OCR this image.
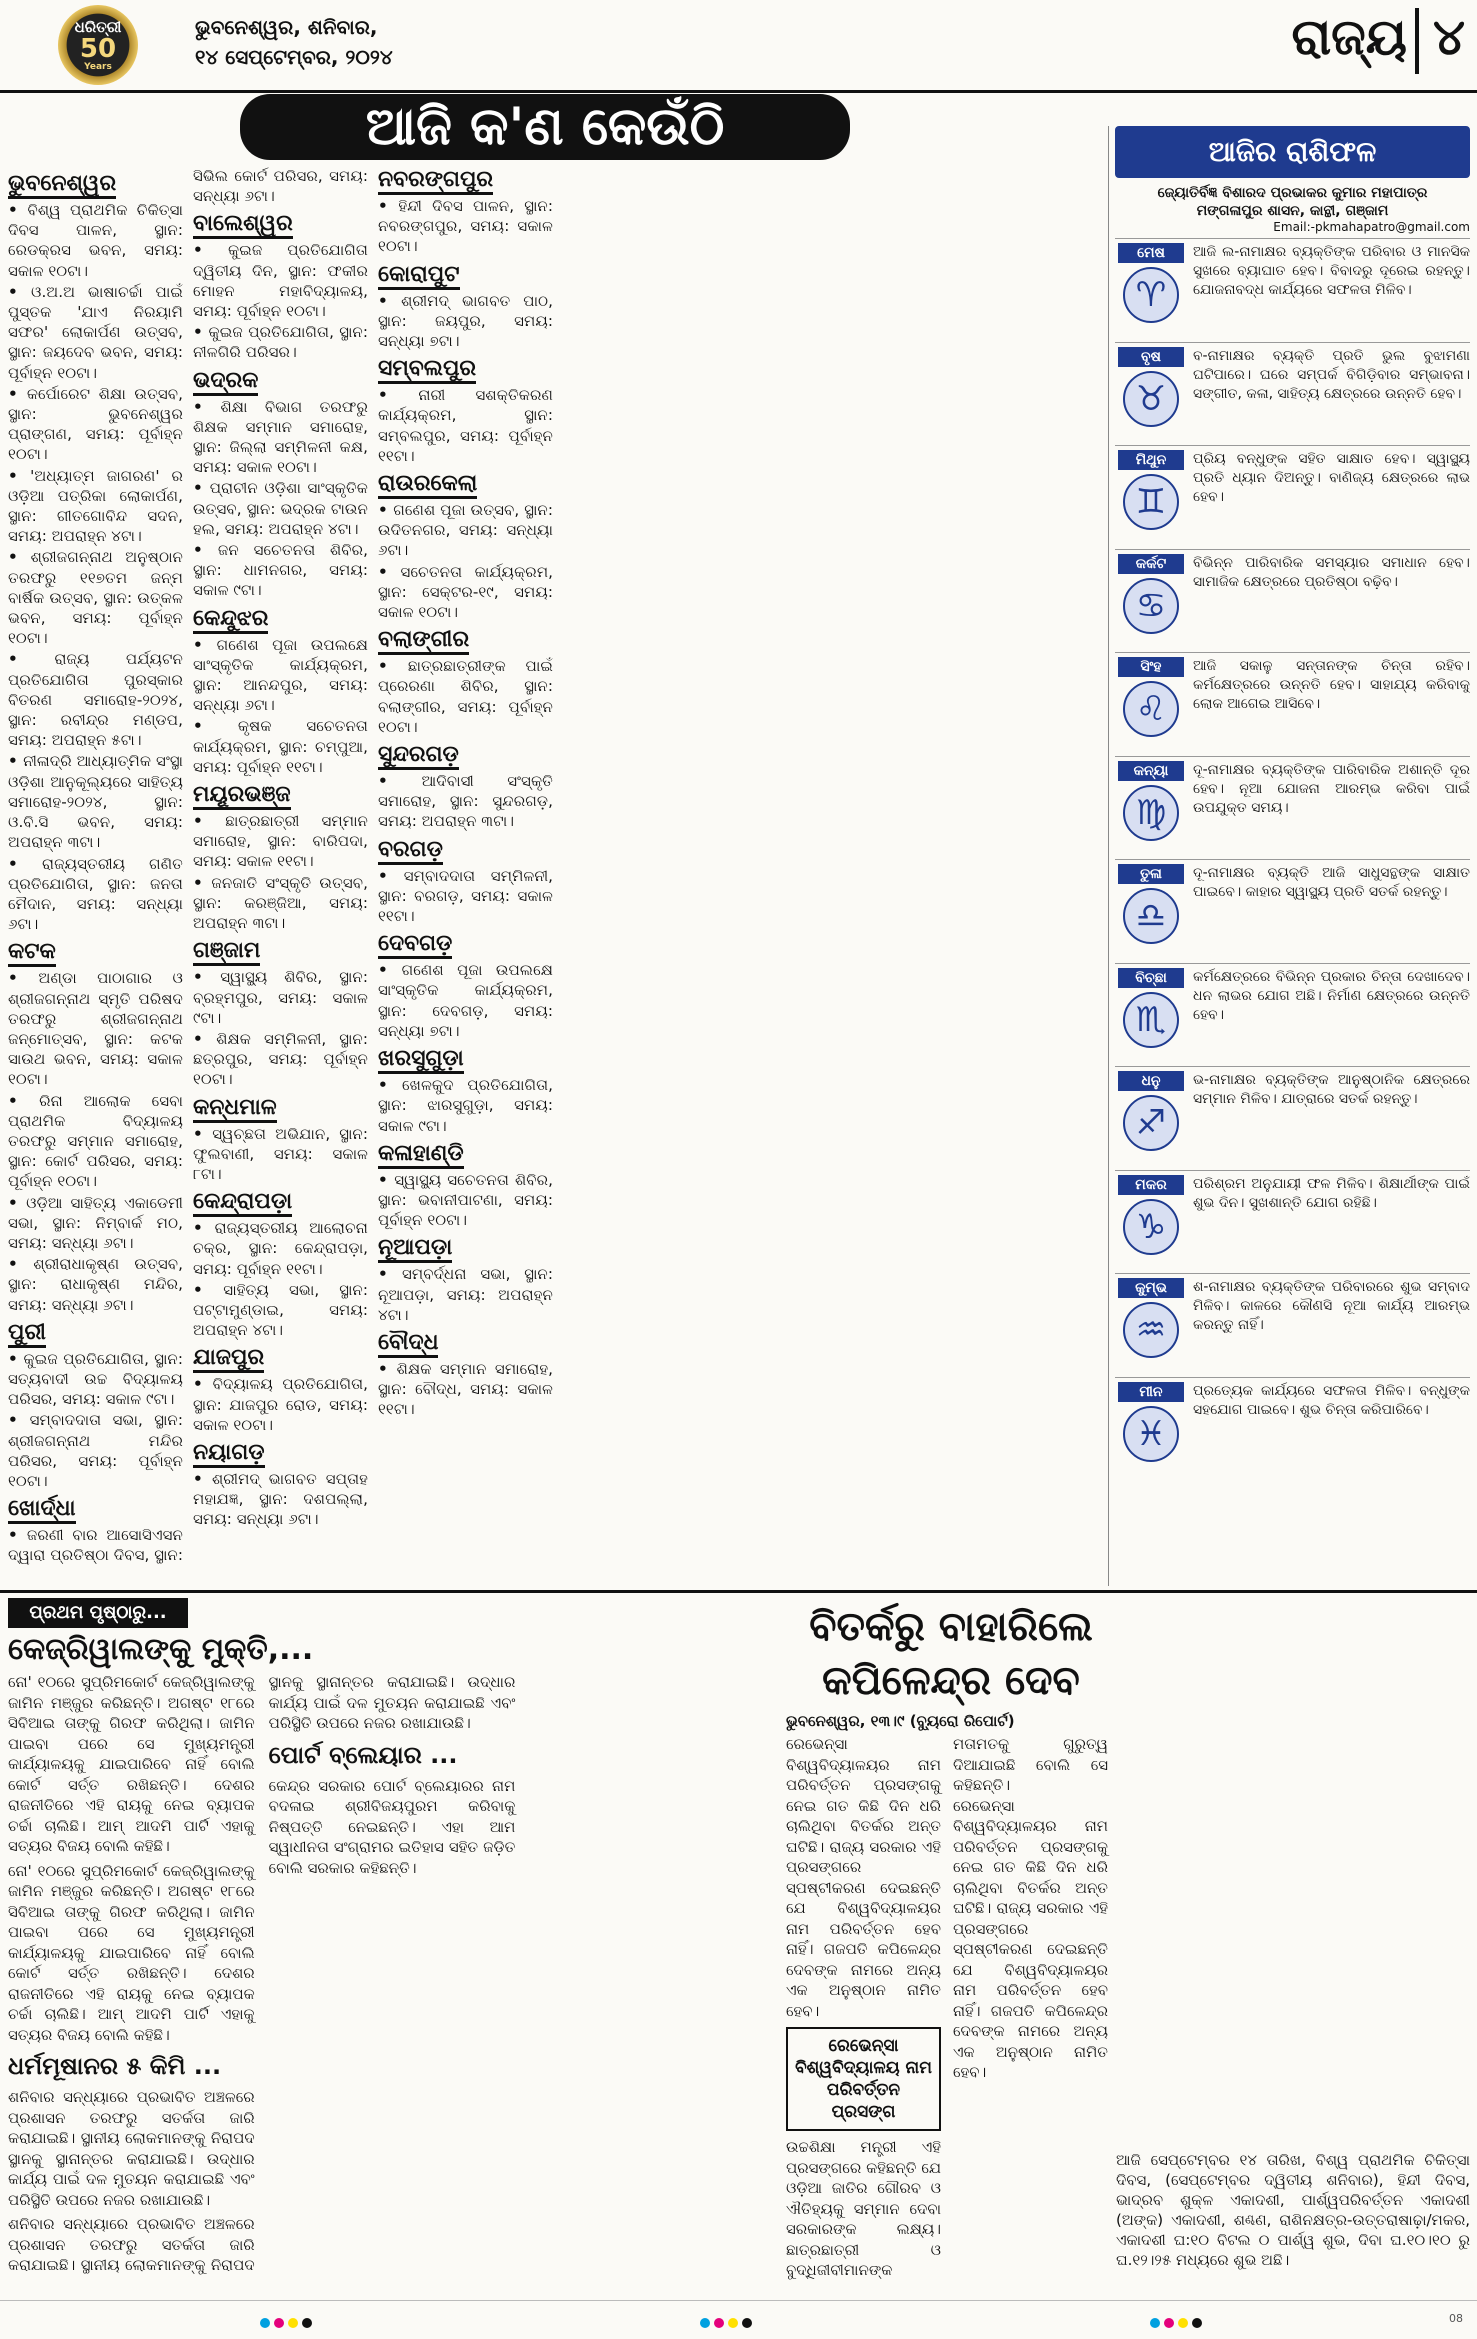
ଧରିତ୍ରୀ
50
Years
ଭୁବନେଶ୍ୱର, ଶନିବାର,
୧୪ ସେପ୍ଟେମ୍ବର, ୨୦୨୪	ରାଜ୍ୟ ୪
ଆଜି କ'ଣ କେଉଁଠି
ଭୁବନେଶ୍ୱର
• ବିଶ୍ୱ ପ୍ରାଥମିକ ଚିକିତ୍ସା ଦିବସ ପାଳନ, ସ୍ଥାନ: ରେଡକ୍ରସ ଭବନ, ସମୟ: ସକାଳ ୧୦ଟା।
• ଓ.ଅ.ଅ ଭାଷାଚର୍ଚ୍ଚା ପାଇଁ ପୁସ୍ତକ 'ଯାଏ ନିରୟାମି ସଫର' ଲୋକାର୍ପଣ ଉତ୍ସବ, ସ୍ଥାନ: ଜୟଦେବ ଭବନ, ସମୟ: ପୂର୍ବାହ୍ନ ୧୦ଟା।
• କର୍ପୋରେଟ ଶିକ୍ଷା ଉତ୍ସବ, ସ୍ଥାନ: ଭୁବନେଶ୍ୱର ପ୍ରାଙ୍ଗଣ, ସମୟ: ପୂର୍ବାହ୍ନ ୧୦ଟା।
• 'ଅଧ୍ୟାତ୍ମ ଜାଗରଣ' ର ଓଡ଼ିଆ ପତ୍ରିକା ଲୋକାର୍ପଣ, ସ୍ଥାନ: ଗୀତଗୋବିନ୍ଦ ସଦନ, ସମୟ: ଅପରାହ୍ନ ୪ଟା।
• ଶ୍ରୀଜଗନ୍ନାଥ ଅନୁଷ୍ଠାନ ତରଫରୁ ୧୧୭ତମ ଜନ୍ମ ବାର୍ଷିକ ଉତ୍ସବ, ସ୍ଥାନ: ଉତ୍କଳ ଭବନ, ସମୟ: ପୂର୍ବାହ୍ନ ୧୦ଟା।
• ରାଜ୍ୟ ପର୍ଯ୍ୟଟନ ପ୍ରତିଯୋଗିତା ପୁରସ୍କାର ବିତରଣ ସମାରୋହ-୨୦୨୪, ସ୍ଥାନ: ରବୀନ୍ଦ୍ର ମଣ୍ଡପ, ସମୟ: ଅପରାହ୍ନ ୫ଟା।
• ନୀଳାଦ୍ରି ଆଧ୍ୟାତ୍ମିକ ସଂସ୍ଥା ଓଡ଼ିଶା ଆନୁକୂଲ୍ୟରେ ସାହିତ୍ୟ ସମାରୋହ-୨୦୨୪, ସ୍ଥାନ: ଓ.ବି.ସି ଭବନ, ସମୟ: ଅପରାହ୍ନ ୩ଟା।
• ରାଜ୍ୟସ୍ତରୀୟ ଗଣିତ ପ୍ରତିଯୋଗିତା, ସ୍ଥାନ: ଜନତା ମୈଦାନ, ସମୟ: ସନ୍ଧ୍ୟା ୬ଟା।
କଟକ
• ଅଣ୍ଡା ପାଠାଗାର ଓ ଶ୍ରୀଜଗନ୍ନାଥ ସ୍ମୃତି ପରିଷଦ ତରଫରୁ ଶ୍ରୀଜଗନ୍ନାଥ ଜନ୍ମୋତ୍ସବ, ସ୍ଥାନ: କଟକ ସାଉଥ ଭବନ, ସମୟ: ସକାଳ ୧୦ଟା।
• ରିନା ଆଲୋକ ସେବା ପ୍ରାଥମିକ ବିଦ୍ୟାଳୟ ତରଫରୁ ସମ୍ମାନ ସମାରୋହ, ସ୍ଥାନ: କୋର୍ଟ ପରିସର, ସମୟ: ପୂର୍ବାହ୍ନ ୧୦ଟା।
• ଓଡ଼ିଆ ସାହିତ୍ୟ ଏକାଡେମୀ ସଭା, ସ୍ଥାନ: ନିମ୍ବାର୍କ ମଠ, ସମୟ: ସନ୍ଧ୍ୟା ୬ଟା।
• ଶ୍ରୀରାଧାକୃଷ୍ଣ ଉତ୍ସବ, ସ୍ଥାନ: ରାଧାକୃଷ୍ଣ ମନ୍ଦିର, ସମୟ: ସନ୍ଧ୍ୟା ୬ଟା।
ପୁରୀ
• କୁଇଜ ପ୍ରତିଯୋଗିତା, ସ୍ଥାନ: ସତ୍ୟବାଦୀ ଉଚ୍ଚ ବିଦ୍ୟାଳୟ ପରିସର, ସମୟ: ସକାଳ ୯ଟା।
• ସମ୍ବାଦଦାତା ସଭା, ସ୍ଥାନ: ଶ୍ରୀଜଗନ୍ନାଥ ମନ୍ଦିର ପରିସର, ସମୟ: ପୂର୍ବାହ୍ନ ୧୦ଟା।
ଖୋର୍ଦ୍ଧା
• ଜରଣୀ ବାର ଆସୋସିଏସନ ଦ୍ୱାରା ପ୍ରତିଷ୍ଠା ଦିବସ, ସ୍ଥାନ: ସିଭିଲ କୋର୍ଟ ପରିସର, ସମୟ: ସନ୍ଧ୍ୟା ୬ଟା।
ବାଲେଶ୍ୱର
• କୁଇଜ ପ୍ରତିଯୋଗିତା ଦ୍ୱିତୀୟ ଦିନ, ସ୍ଥାନ: ଫକୀର ମୋହନ ମହାବିଦ୍ୟାଳୟ, ସମୟ: ପୂର୍ବାହ୍ନ ୧୦ଟା।
• କୁଇଜ ପ୍ରତିଯୋଗିତା, ସ୍ଥାନ: ନୀଳଗିରି ପରିସର।
ଭଦ୍ରକ
• ଶିକ୍ଷା ବିଭାଗ ତରଫରୁ ଶିକ୍ଷକ ସମ୍ମାନ ସମାରୋହ, ସ୍ଥାନ: ଜିଲ୍ଲା ସମ୍ମିଳନୀ କକ୍ଷ, ସମୟ: ସକାଳ ୧୦ଟା।
• ପ୍ରାଚୀନ ଓଡ଼ିଶା ସାଂସ୍କୃତିକ ଉତ୍ସବ, ସ୍ଥାନ: ଭଦ୍ରକ ଟାଉନ ହଲ, ସମୟ: ଅପରାହ୍ନ ୪ଟା।
• ଜନ ସଚେତନତା ଶିବିର, ସ୍ଥାନ: ଧାମନଗର, ସମୟ: ସକାଳ ୯ଟା।
କେନ୍ଦୁଝର
• ଗଣେଶ ପୂଜା ଉପଲକ୍ଷେ ସାଂସ୍କୃତିକ କାର୍ଯ୍ୟକ୍ରମ, ସ୍ଥାନ: ଆନନ୍ଦପୁର, ସମୟ: ସନ୍ଧ୍ୟା ୬ଟା।
• କୃଷକ ସଚେତନତା କାର୍ଯ୍ୟକ୍ରମ, ସ୍ଥାନ: ଚମ୍ପୁଆ, ସମୟ: ପୂର୍ବାହ୍ନ ୧୧ଟା।
ମୟୂରଭଞ୍ଜ
• ଛାତ୍ରଛାତ୍ରୀ ସମ୍ମାନ ସମାରୋହ, ସ୍ଥାନ: ବାରିପଦା, ସମୟ: ସକାଳ ୧୧ଟା।
• ଜନଜାତି ସଂସ୍କୃତି ଉତ୍ସବ, ସ୍ଥାନ: କରଞ୍ଜିଆ, ସମୟ: ଅପରାହ୍ନ ୩ଟା।
ଗଞ୍ଜାମ
• ସ୍ୱାସ୍ଥ୍ୟ ଶିବିର, ସ୍ଥାନ: ବ୍ରହ୍ମପୁର, ସମୟ: ସକାଳ ୯ଟା।
• ଶିକ୍ଷକ ସମ୍ମିଳନୀ, ସ୍ଥାନ: ଛତ୍ରପୁର, ସମୟ: ପୂର୍ବାହ୍ନ ୧୦ଟା।
କନ୍ଧମାଳ
• ସ୍ୱଚ୍ଛତା ଅଭିଯାନ, ସ୍ଥାନ: ଫୁଲବାଣୀ, ସମୟ: ସକାଳ ୮ଟା।
କେନ୍ଦ୍ରାପଡ଼ା
• ରାଜ୍ୟସ୍ତରୀୟ ଆଲୋଚନା ଚକ୍ର, ସ୍ଥାନ: କେନ୍ଦ୍ରାପଡ଼ା, ସମୟ: ପୂର୍ବାହ୍ନ ୧୧ଟା।
• ସାହିତ୍ୟ ସଭା, ସ୍ଥାନ: ପଟ୍ଟାମୁଣ୍ଡାଇ, ସମୟ: ଅପରାହ୍ନ ୪ଟା।
ଯାଜପୁର
• ବିଦ୍ୟାଳୟ ପ୍ରତିଯୋଗିତା, ସ୍ଥାନ: ଯାଜପୁର ରୋଡ, ସମୟ: ସକାଳ ୧୦ଟା।
ନୟାଗଡ଼
• ଶ୍ରୀମଦ୍ ଭାଗବତ ସପ୍ତାହ ମହାଯଜ୍ଞ, ସ୍ଥାନ: ଦଶପଲ୍ଲା, ସମୟ: ସନ୍ଧ୍ୟା ୬ଟା।
ନବରଙ୍ଗପୁର
• ହିନ୍ଦୀ ଦିବସ ପାଳନ, ସ୍ଥାନ: ନବରଙ୍ଗପୁର, ସମୟ: ସକାଳ ୧୦ଟା।
କୋରାପୁଟ
• ଶ୍ରୀମଦ୍ ଭାଗବତ ପାଠ, ସ୍ଥାନ: ଜୟପୁର, ସମୟ: ସନ୍ଧ୍ୟା ୭ଟା।
ସମ୍ବଲପୁର
• ନାରୀ ସଶକ୍ତିକରଣ କାର୍ଯ୍ୟକ୍ରମ, ସ୍ଥାନ: ସମ୍ବଲପୁର, ସମୟ: ପୂର୍ବାହ୍ନ ୧୧ଟା।
ରାଉରକେଲା
• ଗଣେଶ ପୂଜା ଉତ୍ସବ, ସ୍ଥାନ: ଉଦିତନଗର, ସମୟ: ସନ୍ଧ୍ୟା ୬ଟା।
• ସଚେତନତା କାର୍ଯ୍ୟକ୍ରମ, ସ୍ଥାନ: ସେକ୍ଟର-୧୯, ସମୟ: ସକାଳ ୧୦ଟା।
ବଲାଙ୍ଗୀର
• ଛାତ୍ରଛାତ୍ରୀଙ୍କ ପାଇଁ ପ୍ରେରଣା ଶିବିର, ସ୍ଥାନ: ବଲାଙ୍ଗୀର, ସମୟ: ପୂର୍ବାହ୍ନ ୧୦ଟା।
ସୁନ୍ଦରଗଡ଼
• ଆଦିବାସୀ ସଂସ୍କୃତି ସମାରୋହ, ସ୍ଥାନ: ସୁନ୍ଦରଗଡ଼, ସମୟ: ଅପରାହ୍ନ ୩ଟା।
ବରଗଡ଼
• ସମ୍ବାଦଦାତା ସମ୍ମିଳନୀ, ସ୍ଥାନ: ବରଗଡ଼, ସମୟ: ସକାଳ ୧୧ଟା।
ଦେବଗଡ଼
• ଗଣେଶ ପୂଜା ଉପଲକ୍ଷେ ସାଂସ୍କୃତିକ କାର୍ଯ୍ୟକ୍ରମ, ସ୍ଥାନ: ଦେବଗଡ଼, ସମୟ: ସନ୍ଧ୍ୟା ୭ଟା।
ଖରସୁଗୁଡ଼ା
• ଖେଳକୁଦ ପ୍ରତିଯୋଗିତା, ସ୍ଥାନ: ଝାରସୁଗୁଡ଼ା, ସମୟ: ସକାଳ ୯ଟା।
କଳାହାଣ୍ଡି
• ସ୍ୱାସ୍ଥ୍ୟ ସଚେତନତା ଶିବିର, ସ୍ଥାନ: ଭବାନୀପାଟଣା, ସମୟ: ପୂର୍ବାହ୍ନ ୧୦ଟା।
ନୂଆପଡ଼ା
• ସମ୍ବର୍ଦ୍ଧନା ସଭା, ସ୍ଥାନ: ନୂଆପଡ଼ା, ସମୟ: ଅପରାହ୍ନ ୪ଟା।
ବୌଦ୍ଧ
• ଶିକ୍ଷକ ସମ୍ମାନ ସମାରୋହ, ସ୍ଥାନ: ବୌଦ୍ଧ, ସମୟ: ସକାଳ ୧୧ଟା।
ଆଜିର ରାଶିଫଳ
ଜ୍ୟୋତିର୍ବିଜ୍ଞ ବିଶାରଦ ପ୍ରଭାକର କୁମାର ମହାପାତ୍ର
ମଙ୍ଗଳାପୁର ଶାସନ, କାନ୍ଥୀ, ଗଞ୍ଜାମ
Email:-pkmahapatro@gmail.com
ମେଷ
♈
ଆଜି ଲ-ନାମାକ୍ଷର ବ୍ୟକ୍ତିଙ୍କ ପରିବାର ଓ ମାନସିକ ସୁଖରେ ବ୍ୟାଘାତ ହେବ। ବିବାଦରୁ ଦୂରେଇ ରହନ୍ତୁ। ଯୋଜନାବଦ୍ଧ କାର୍ଯ୍ୟରେ ସଫଳତା ମିଳିବ।
ବୃଷ
♉
ବ-ନାମାକ୍ଷର ବ୍ୟକ୍ତି ପ୍ରତି ଭୁଲ ବୁଝାମଣା ଘଟିପାରେ। ଘରେ ସମ୍ପର୍କ ବିଗିଡ଼ିବାର ସମ୍ଭାବନା। ସଙ୍ଗୀତ, କଳା, ସାହିତ୍ୟ କ୍ଷେତ୍ରରେ ଉନ୍ନତି ହେବ।
ମିଥୁନ
♊
ପ୍ରିୟ ବନ୍ଧୁଙ୍କ ସହିତ ସାକ୍ଷାତ ହେବ। ସ୍ୱାସ୍ଥ୍ୟ ପ୍ରତି ଧ୍ୟାନ ଦିଅନ୍ତୁ। ବାଣିଜ୍ୟ କ୍ଷେତ୍ରରେ ଲାଭ ହେବ।
କର୍କଟ
♋
ବିଭିନ୍ନ ପାରିବାରିକ ସମସ୍ୟାର ସମାଧାନ ହେବ। ସାମାଜିକ କ୍ଷେତ୍ରରେ ପ୍ରତିଷ୍ଠା ବଢ଼ିବ।
ସିଂହ
♌
ଆଜି ସକାଳୁ ସନ୍ତାନଙ୍କ ଚିନ୍ତା ରହିବ। କର୍ମକ୍ଷେତ୍ରରେ ଉନ୍ନତି ହେବ। ସାହାଯ୍ୟ କରିବାକୁ ଲୋକ ଆଗେଇ ଆସିବେ।
କନ୍ୟା
♍
ଦୂ-ନାମାକ୍ଷର ବ୍ୟକ୍ତିଙ୍କ ପାରିବାରିକ ଅଶାନ୍ତି ଦୂର ହେବ। ନୂଆ ଯୋଜନା ଆରମ୍ଭ କରିବା ପାଇଁ ଉପଯୁକ୍ତ ସମୟ।
ତୁଳା
♎
ଦୂ-ନାମାକ୍ଷର ବ୍ୟକ୍ତି ଆଜି ସାଧୁସନ୍ଥଙ୍କ ସାକ୍ଷାତ ପାଇବେ। କାହାର ସ୍ୱାସ୍ଥ୍ୟ ପ୍ରତି ସତର୍କ ରହନ୍ତୁ।
ବିଚ୍ଛା
♏
କର୍ମକ୍ଷେତ୍ରରେ ବିଭିନ୍ନ ପ୍ରକାର ଚିନ୍ତା ଦେଖାଦେବ। ଧନ ଲାଭର ଯୋଗ ଅଛି। ନିର୍ମାଣ କ୍ଷେତ୍ରରେ ଉନ୍ନତି ହେବ।
ଧନୁ
♐
ଭ-ନାମାକ୍ଷର ବ୍ୟକ୍ତିଙ୍କ ଆନୁଷ୍ଠାନିକ କ୍ଷେତ୍ରରେ ସମ୍ମାନ ମିଳିବ। ଯାତ୍ରାରେ ସତର୍କ ରହନ୍ତୁ।
ମକର
♑
ପରିଶ୍ରମ ଅନୁଯାୟୀ ଫଳ ମିଳିବ। ଶିକ୍ଷାର୍ଥୀଙ୍କ ପାଇଁ ଶୁଭ ଦିନ। ସୁଖଶାନ୍ତି ଯୋଗ ରହିଛି।
କୁମ୍ଭ
♒
ଶ-ନାମାକ୍ଷର ବ୍ୟକ୍ତିଙ୍କ ପରିବାରରେ ଶୁଭ ସମ୍ବାଦ ମିଳିବ। କାଳରେ କୌଣସି ନୂଆ କାର୍ଯ୍ୟ ଆରମ୍ଭ କରନ୍ତୁ ନାହିଁ।
ମୀନ
♓
ପ୍ରତ୍ୟେକ କାର୍ଯ୍ୟରେ ସଫଳତା ମିଳିବ। ବନ୍ଧୁଙ୍କ ସହଯୋଗ ପାଇବେ। ଶୁଭ ଚିନ୍ତା କରିପାରିବେ।
ପ୍ରଥମ ପୃଷ୍ଠାରୁ...
କେଜ୍ରିୱାଲଙ୍କୁ ମୁକ୍ତି,...

ନୋ' ୧୦ରେ ସୁପ୍ରିମକୋର୍ଟ କେଜ୍ରିୱାଲଙ୍କୁ ଜାମିନ ମଞ୍ଜୁର କରିଛନ୍ତି। ଅଗଷ୍ଟ ୧୮ରେ ସିବିଆଇ ତାଙ୍କୁ ଗିରଫ କରିଥିଲା। ଜାମିନ ପାଇବା ପରେ ସେ ମୁଖ୍ୟମନ୍ତ୍ରୀ କାର୍ଯ୍ୟାଳୟକୁ ଯାଇପାରିବେ ନାହିଁ ବୋଲି କୋର୍ଟ ସର୍ତ୍ତ ରଖିଛନ୍ତି। ଦେଶର ରାଜନୀତିରେ ଏହି ରାୟକୁ ନେଇ ବ୍ୟାପକ ଚର୍ଚ୍ଚା ଚାଲିଛି। ଆମ୍ ଆଦମି ପାର୍ଟି ଏହାକୁ ସତ୍ୟର ବିଜୟ ବୋଲି କହିଛି।

ନୋ' ୧୦ରେ ସୁପ୍ରିମକୋର୍ଟ କେଜ୍ରିୱାଲଙ୍କୁ ଜାମିନ ମଞ୍ଜୁର କରିଛନ୍ତି। ଅଗଷ୍ଟ ୧୮ରେ ସିବିଆଇ ତାଙ୍କୁ ଗିରଫ କରିଥିଲା। ଜାମିନ ପାଇବା ପରେ ସେ ମୁଖ୍ୟମନ୍ତ୍ରୀ କାର୍ଯ୍ୟାଳୟକୁ ଯାଇପାରିବେ ନାହିଁ ବୋଲି କୋର୍ଟ ସର୍ତ୍ତ ରଖିଛନ୍ତି। ଦେଶର ରାଜନୀତିରେ ଏହି ରାୟକୁ ନେଇ ବ୍ୟାପକ ଚର୍ଚ୍ଚା ଚାଲିଛି। ଆମ୍ ଆଦମି ପାର୍ଟି ଏହାକୁ ସତ୍ୟର ବିଜୟ ବୋଲି କହିଛି।

ଧର୍ମମୂଷାନର ୫ କିମି ...

ଶନିବାର ସନ୍ଧ୍ୟାରେ ପ୍ରଭାବିତ ଅଞ୍ଚଳରେ ପ୍ରଶାସନ ତରଫରୁ ସତର୍କତା ଜାରି କରାଯାଇଛି। ସ୍ଥାନୀୟ ଲୋକମାନଙ୍କୁ ନିରାପଦ ସ୍ଥାନକୁ ସ୍ଥାନାନ୍ତର କରାଯାଇଛି। ଉଦ୍ଧାର କାର୍ଯ୍ୟ ପାଇଁ ଦଳ ମୁତୟନ କରାଯାଇଛି ଏବଂ ପରିସ୍ଥିତି ଉପରେ ନଜର ରଖାଯାଉଛି।

ଶନିବାର ସନ୍ଧ୍ୟାରେ ପ୍ରଭାବିତ ଅଞ୍ଚଳରେ ପ୍ରଶାସନ ତରଫରୁ ସତର୍କତା ଜାରି କରାଯାଇଛି। ସ୍ଥାନୀୟ ଲୋକମାନଙ୍କୁ ନିରାପଦ ସ୍ଥାନକୁ ସ୍ଥାନାନ୍ତର କରାଯାଇଛି। ଉଦ୍ଧାର କାର୍ଯ୍ୟ ପାଇଁ ଦଳ ମୁତୟନ କରାଯାଇଛି ଏବଂ ପରିସ୍ଥିତି ଉପରେ ନଜର ରଖାଯାଉଛି।

ପୋର୍ଟ ବ୍ଲେୟାର ...

କେନ୍ଦ୍ର ସରକାର ପୋର୍ଟ ବ୍ଲେୟାରର ନାମ ବଦଳାଇ ଶ୍ରୀବିଜୟପୁରମ କରିବାକୁ ନିଷ୍ପତ୍ତି ନେଇଛନ୍ତି। ଏହା ଆମ ସ୍ୱାଧୀନତା ସଂଗ୍ରାମର ଇତିହାସ ସହିତ ଜଡ଼ିତ ବୋଲି ସରକାର କହିଛନ୍ତି।

ବିତର୍କରୁ ବାହାରିଲେ
କପିଳେନ୍ଦ୍ର ଦେବ
ଭୁବନେଶ୍ୱର, ୧୩।୯ (ବ୍ୟୁରୋ ରିପୋର୍ଟ)

ରେଭେନ୍ସା ବିଶ୍ୱବିଦ୍ୟାଳୟର ନାମ ପରିବର୍ତ୍ତନ ପ୍ରସଙ୍ଗକୁ ନେଇ ଗତ କିଛି ଦିନ ଧରି ଚାଲିଥିବା ବିତର୍କର ଅନ୍ତ ଘଟିଛି। ରାଜ୍ୟ ସରକାର ଏହି ପ୍ରସଙ୍ଗରେ ସ୍ପଷ୍ଟୀକରଣ ଦେଇଛନ୍ତି ଯେ ବିଶ୍ୱବିଦ୍ୟାଳୟର ନାମ ପରିବର୍ତ୍ତନ ହେବ ନାହିଁ। ଗଜପତି କପିଳେନ୍ଦ୍ର ଦେବଙ୍କ ନାମରେ ଅନ୍ୟ ଏକ ଅନୁଷ୍ଠାନ ନାମିତ ହେବ।

ରେଭେନ୍ସା ବିଶ୍ୱବିଦ୍ୟାଳୟ ନାମ ପରିବର୍ତ୍ତନ ପ୍ରସଙ୍ଗ

ଉଚ୍ଚଶିକ୍ଷା ମନ୍ତ୍ରୀ ଏହି ପ୍ରସଙ୍ଗରେ କହିଛନ୍ତି ଯେ ଓଡ଼ିଆ ଜାତିର ଗୌରବ ଓ ଐତିହ୍ୟକୁ ସମ୍ମାନ ଦେବା ସରକାରଙ୍କ ଲକ୍ଷ୍ୟ। ଛାତ୍ରଛାତ୍ରୀ ଓ ବୁଦ୍ଧିଜୀବୀମାନଙ୍କ ମତାମତକୁ ଗୁରୁତ୍ୱ ଦିଆଯାଇଛି ବୋଲି ସେ କହିଛନ୍ତି।

ରେଭେନ୍ସା ବିଶ୍ୱବିଦ୍ୟାଳୟର ନାମ ପରିବର୍ତ୍ତନ ପ୍ରସଙ୍ଗକୁ ନେଇ ଗତ କିଛି ଦିନ ଧରି ଚାଲିଥିବା ବିତର୍କର ଅନ୍ତ ଘଟିଛି। ରାଜ୍ୟ ସରକାର ଏହି ପ୍ରସଙ୍ଗରେ ସ୍ପଷ୍ଟୀକରଣ ଦେଇଛନ୍ତି ଯେ ବିଶ୍ୱବିଦ୍ୟାଳୟର ନାମ ପରିବର୍ତ୍ତନ ହେବ ନାହିଁ। ଗଜପତି କପିଳେନ୍ଦ୍ର ଦେବଙ୍କ ନାମରେ ଅନ୍ୟ ଏକ ଅନୁଷ୍ଠାନ ନାମିତ ହେବ।

ଆଜି ସେପ୍ଟେମ୍ବର ୧୪ ତାରିଖ, ବିଶ୍ୱ ପ୍ରାଥମିକ ଚିକିତ୍ସା ଦିବସ, (ସେପ୍ଟେମ୍ବର ଦ୍ୱିତୀୟ ଶନିବାର), ହିନ୍ଦୀ ଦିବସ, ଭାଦ୍ରବ ଶୁକ୍ଳ ଏକାଦଶୀ, ପାର୍ଶ୍ୱପରିବର୍ତ୍ତନ ଏକାଦଶୀ (ଅଙ୍କ) ଏକାଦଶୀ, ଶଣ୍ଢଣ, ରାଶିନକ୍ଷତ୍ର-ଉତ୍ତରାଷାଢ଼ା/ମକର, ଏକାଦଶୀ ଘ:୧୦ ବିଟଲ ୦ ପାର୍ଶ୍ୱ ଶୁଭ, ଦିବା ଘ.୧୦।୧୦ ରୁ ଘ.୧୨।୨୫ ମଧ୍ୟରେ ଶୁଭ ଅଛି।
08
